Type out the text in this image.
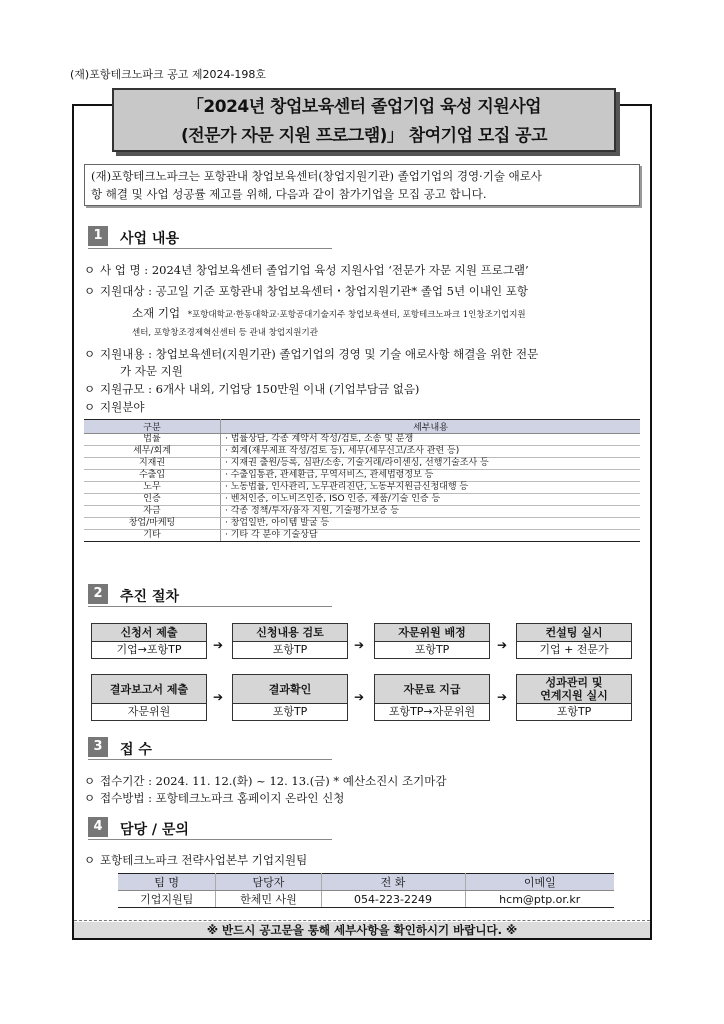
(재)포항테크노파크 공고 제2024-198호
「2024년 창업보육센터 졸업기업 육성 지원사업
(전문가 자문 지원 프로그램)」 참여기업 모집 공고
(재)포항테크노파크는 포항관내 창업보육센터(창업지원기관) 졸업기업의 경영·기술 애로사
항 해결 및 사업 성공률 제고를 위해, 다음과 같이 참가기업을 모집 공고 합니다.
1	사업 내용
ㅇ 사 업 명 : 2024년 창업보육센터 졸업기업 육성 지원사업 ‘전문가 자문 지원 프로그램’
ㅇ 지원대상 : 공고일 기준 포항관내 창업보육센터・창업지원기관* 졸업 5년 이내인 포항
소재 기업 *포항대학교·한동대학교·포항공대기술지주 창업보육센터, 포항테크노파크 1인창조기업지원
센터, 포항창조경제혁신센터 등 관내 창업지원기관
ㅇ 지원내용 : 창업보육센터(지원기관) 졸업기업의 경영 및 기술 애로사항 해결을 위한 전문
가 자문 지원
ㅇ 지원규모 : 6개사 내외, 기업당 150만원 이내 (기업부담금 없음)
ㅇ 지원분야
구분	세부내용
법률	· 법률상담, 각종 계약서 작성/검토, 소송 및 분쟁
세무/회계	· 회계(재무제표 작성/검토 등), 세무(세무신고/조사 관련 등)
지재권	· 지재권 출원/등록, 심판/소송, 기술거래/라이센싱, 선행기술조사 등
수출입	· 수출입통관, 관세환급, 무역서비스, 관세법령정보 등
노무	· 노동법률, 인사관리, 노무관리진단, 노동부지원금신청대행 등
인증	· 벤처인증, 이노비즈인증, ISO 인증, 제품/기술 인증 등
자금	· 각종 정책/투자/융자 지원, 기술평가보증 등
창업/마케팅	· 창업일반, 아이템 발굴 등
기타	· 기타 각 분야 기술상담
2	추진 절차
신청서 제출
기업→포항TP	➔
신청내용 검토
포항TP	➔
자문위원 배정
포항TP	➔
컨설팅 실시
기업 + 전문가
결과보고서 제출
자문위원
➔
결과확인
포항TP
➔
자문료 지급
포항TP→자문위원
➔
성과관리 및
연계지원 실시
포항TP
3	접 수
ㅇ 접수기간 : 2024. 11. 12.(화) ~ 12. 13.(금) * 예산소진시 조기마감
ㅇ 접수방법 : 포항테크노파크 홈페이지 온라인 신청
4	담당 / 문의
ㅇ 포항테크노파크 전략사업본부 기업지원팀
팀 명	담당자	전 화	이메일
기업지원팀	한체민 사원	054-223-2249	hcm@ptp.or.kr
※ 반드시 공고문을 통해 세부사항을 확인하시기 바랍니다. ※
